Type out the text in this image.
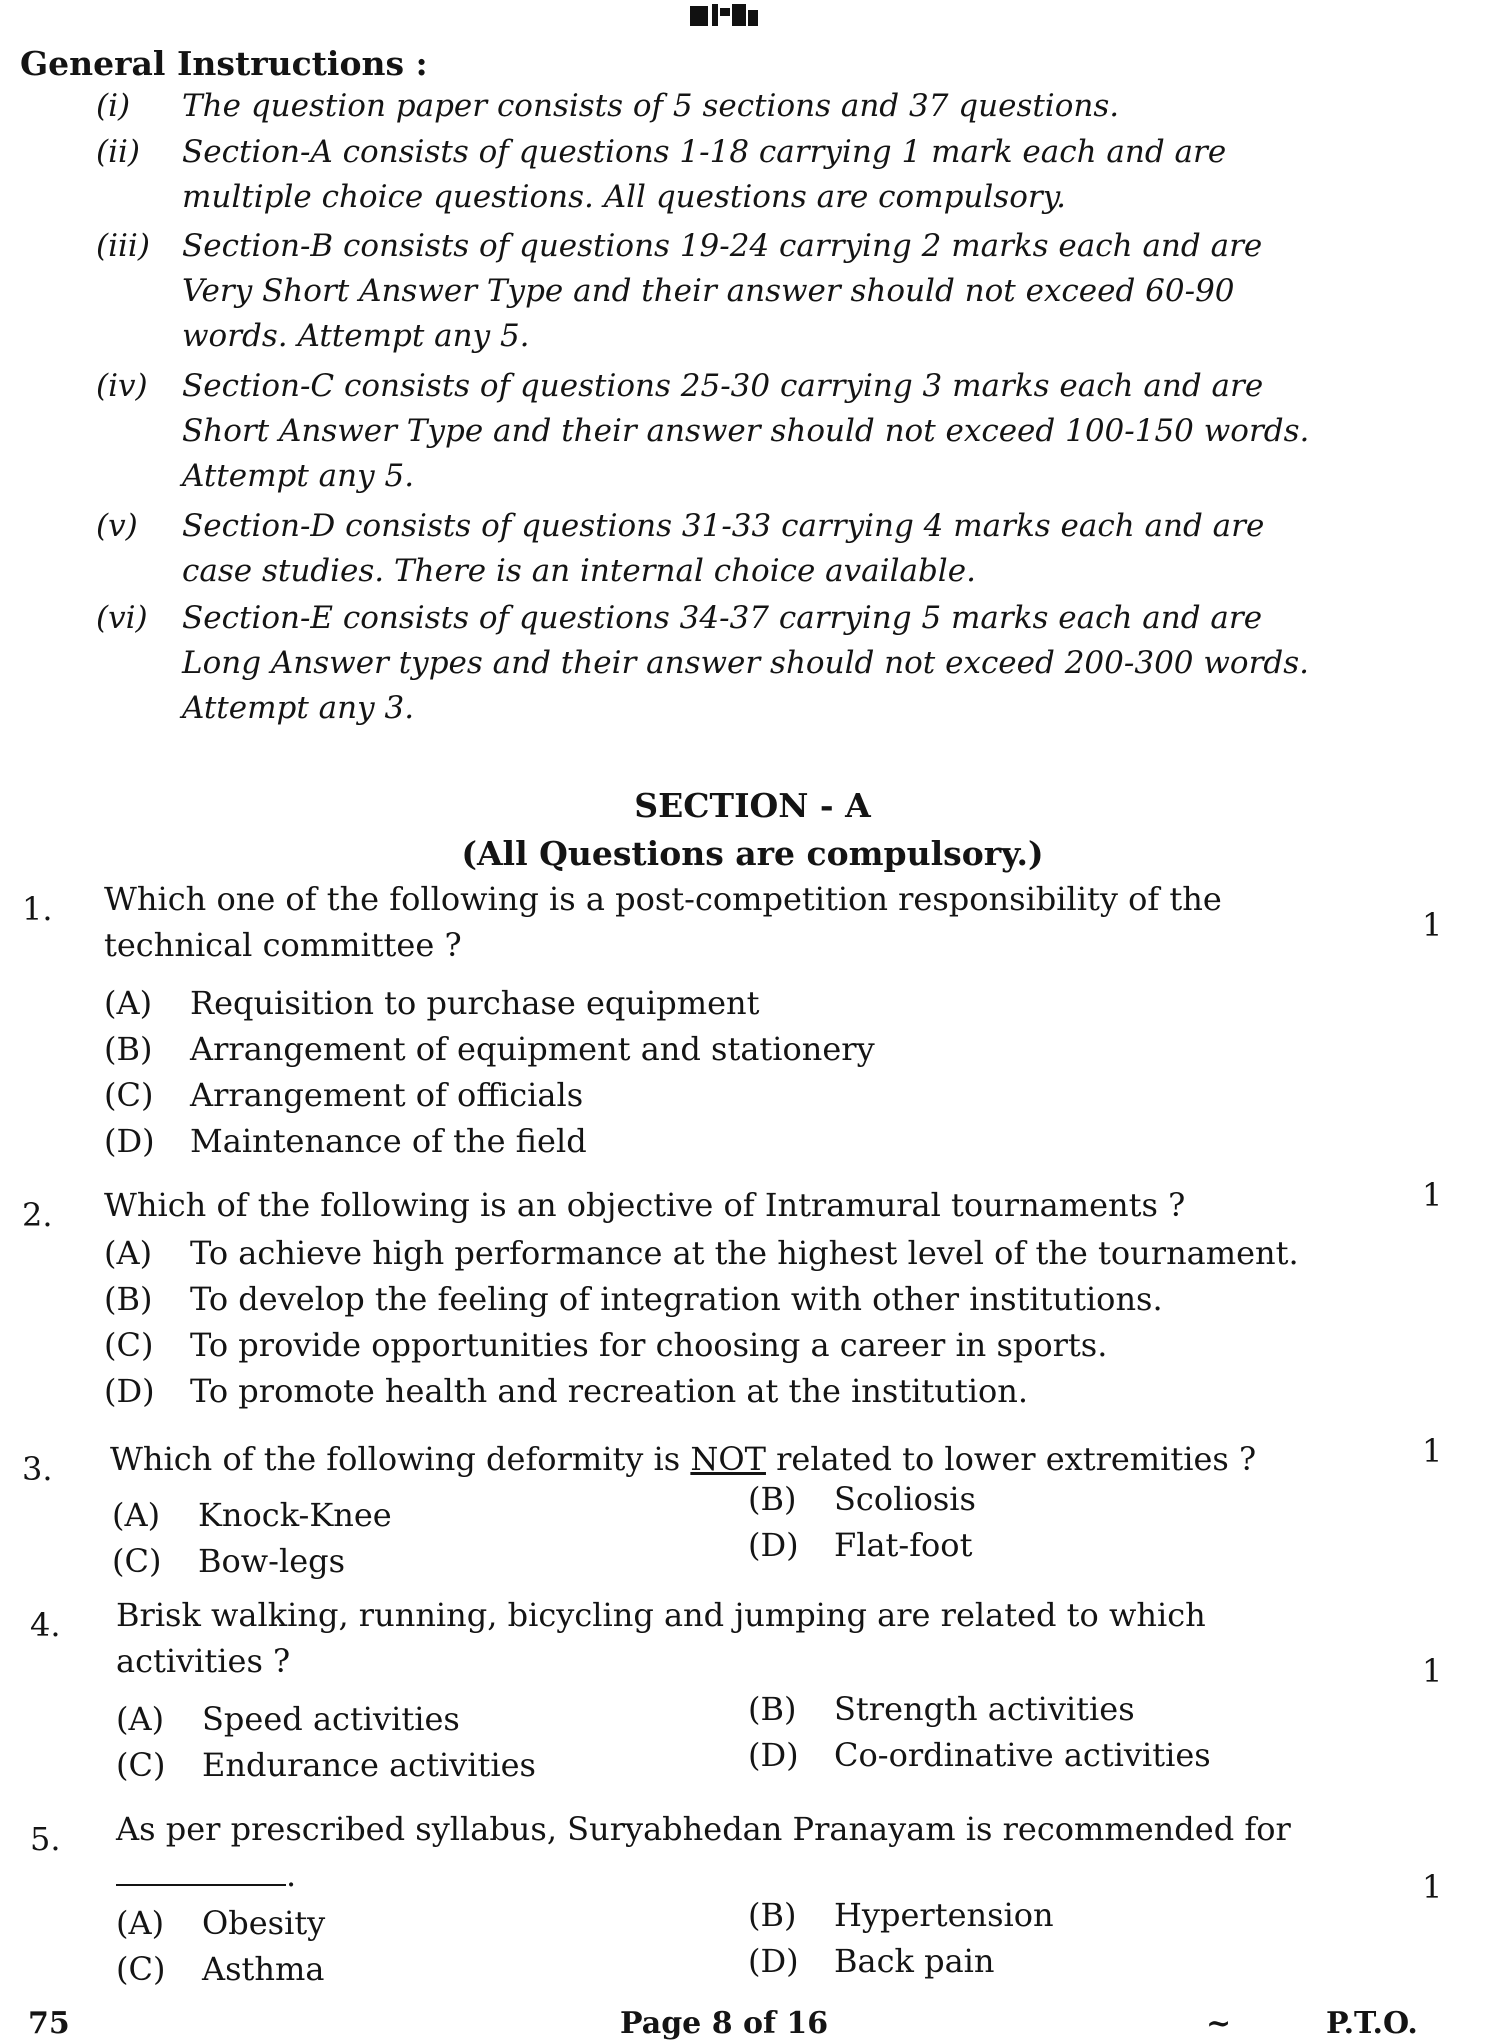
General Instructions :
(i)	The question paper consists of 5 sections and 37 questions.
(ii)	Section-A consists of questions 1-18 carrying 1 mark each and are
multiple choice questions. All questions are compulsory.
(iii)	Section-B consists of questions 19-24 carrying 2 marks each and are
Very Short Answer Type and their answer should not exceed 60-90
words. Attempt any 5.
(iv)	Section-C consists of questions 25-30 carrying 3 marks each and are
Short Answer Type and their answer should not exceed 100-150 words.
Attempt any 5.
(v)	Section-D consists of questions 31-33 carrying 4 marks each and are
case studies. There is an internal choice available.
(vi)	Section-E consists of questions 34-37 carrying 5 marks each and are
Long Answer types and their answer should not exceed 200-300 words.
Attempt any 3.
SECTION - A
(All Questions are compulsory.)
1. Which one of the following is a post-competition responsibility of the
technical committee ?
1
(A) Requisition to purchase equipment
(B) Arrangement of equipment and stationery
(C) Arrangement of officials
(D) Maintenance of the field
2. Which of the following is an objective of Intramural tournaments ?	1
(A) To achieve high performance at the highest level of the tournament.
(B) To develop the feeling of integration with other institutions.
(C) To provide opportunities for choosing a career in sports.
(D) To promote health and recreation at the institution.
3. Which of the following deformity is NOT related to lower extremities ?	1
(A) Knock-Knee	(B) Scoliosis
(C) Bow-legs	(D) Flat-foot
4. Brisk walking, running, bicycling and jumping are related to which
activities ?	1
(A) Speed activities	(B) Strength activities
(C) Endurance activities	(D) Co-ordinative activities
5. As per prescribed syllabus, Suryabhedan Pranayam is recommended for
.	1
(A) Obesity	(B) Hypertension
(C) Asthma	(D) Back pain
75	Page 8 of 16	~	P.T.O.
